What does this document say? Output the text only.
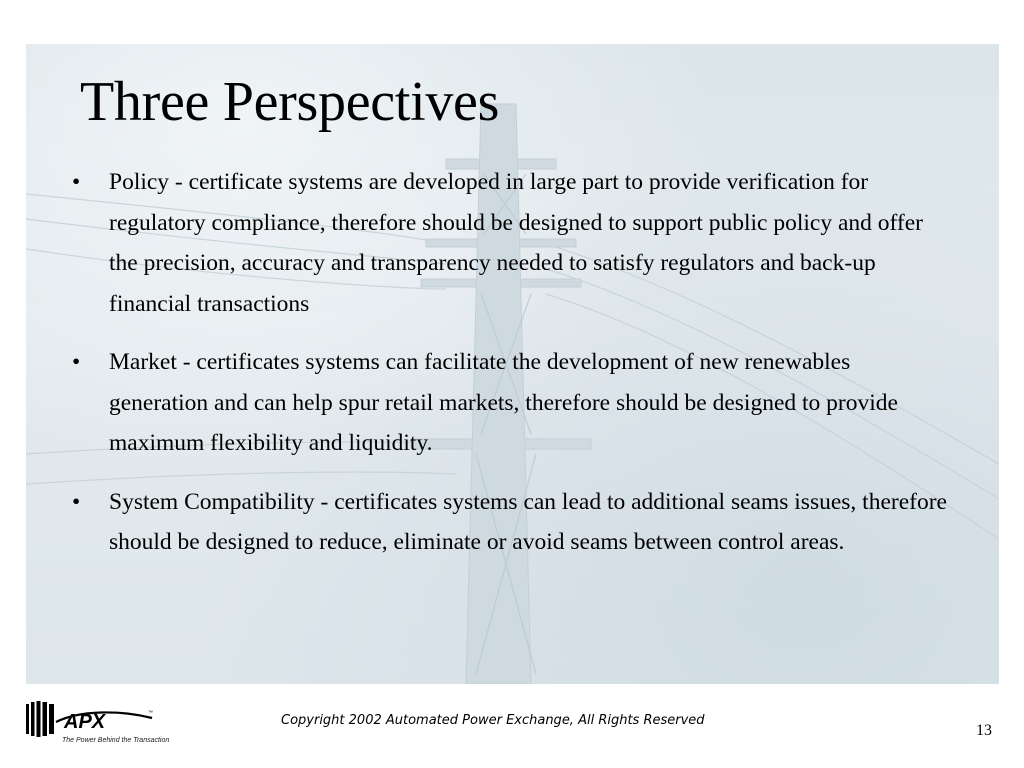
Three Perspectives
• Policy - certificate systems are developed in large part to provide verification for regulatory compliance, therefore should be designed to support public policy and offer the precision, accuracy and transparency needed to satisfy regulators and back-up financial transactions
• Market - certificates systems can facilitate the development of new renewables generation and can help spur retail markets, therefore should be designed to provide maximum flexibility and liquidity.
• System Compatibility - certificates systems can lead to additional seams issues, therefore should be designed to reduce, eliminate or avoid seams between control areas.
APX	™
The Power Behind the Transaction
Copyright 2002 Automated Power Exchange, All Rights Reserved
13
